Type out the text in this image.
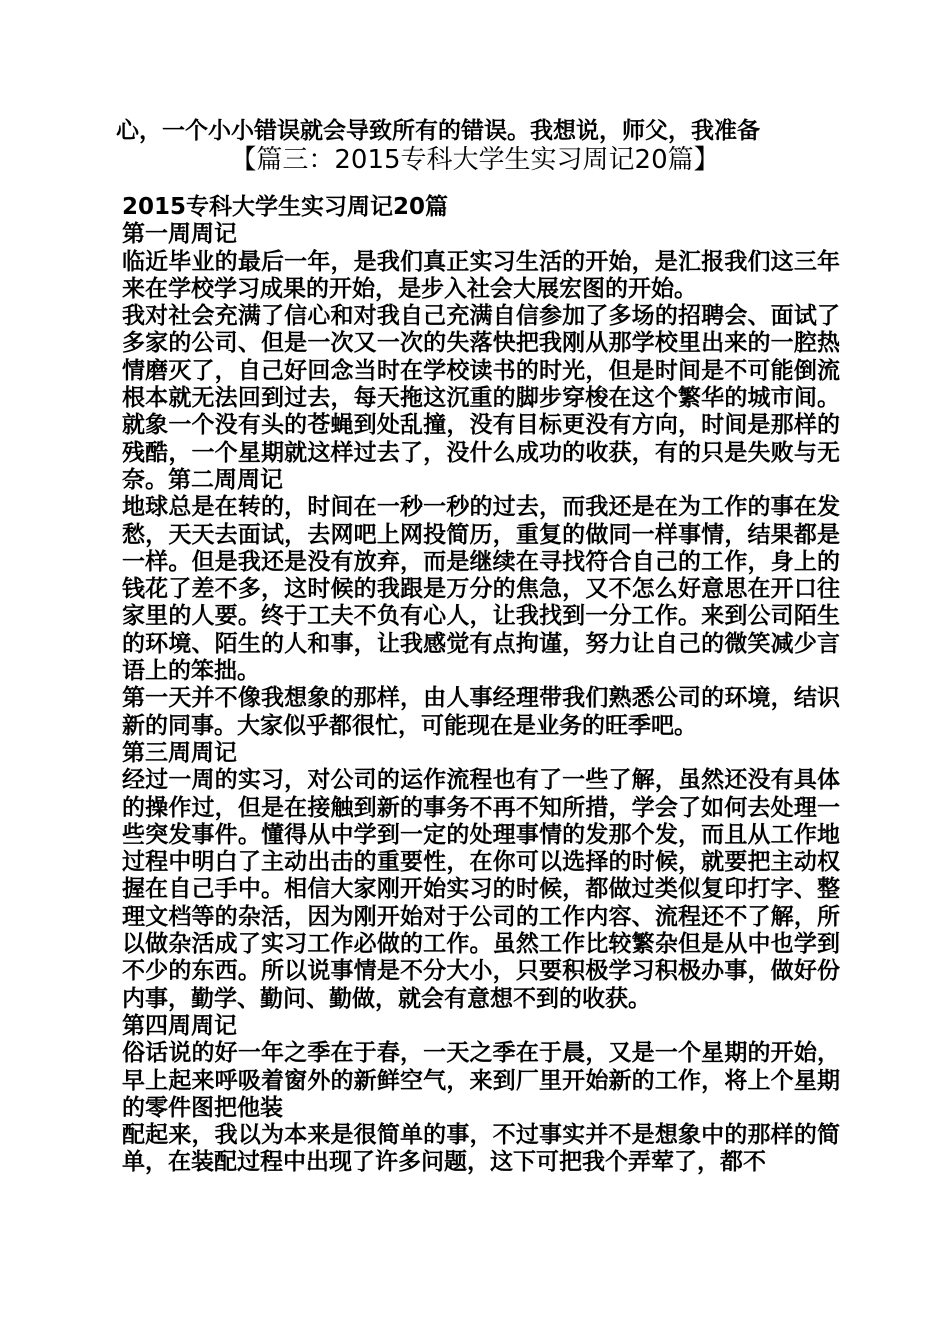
心，一个小小错误就会导致所有的错误。我想说，师父，我准备
【篇三：2015专科大学生实习周记20篇】

2015专科大学生实习周记20篇

第一周周记

临近毕业的最后一年，是我们真正实习生活的开始，是汇报我们这三年来在学校学习成果的开始，是步入社会大展宏图的开始。

我对社会充满了信心和对我自己充满自信参加了多场的招聘会、面试了多家的公司、但是一次又一次的失落快把我刚从那学校里出来的一腔热情磨灭了，自己好回念当时在学校读书的时光，但是时间是不可能倒流根本就无法回到过去，每天拖这沉重的脚步穿梭在这个繁华的城市间。就象一个没有头的苍蝇到处乱撞，没有目标更没有方向，时间是那样的残酷，一个星期就这样过去了，没什么成功的收获，有的只是失败与无奈。第二周周记

地球总是在转的，时间在一秒一秒的过去，而我还是在为工作的事在发愁，天天去面试，去网吧上网投简历，重复的做同一样事情，结果都是一样。但是我还是没有放弃，而是继续在寻找符合自己的工作，身上的钱花了差不多，这时候的我跟是万分的焦急，又不怎么好意思在开口往家里的人要。终于工夫不负有心人，让我找到一分工作。来到公司陌生的环境、陌生的人和事，让我感觉有点拘谨，努力让自己的微笑减少言语上的笨拙。

第一天并不像我想象的那样，由人事经理带我们熟悉公司的环境，结识新的同事。大家似乎都很忙，可能现在是业务的旺季吧。

第三周周记

经过一周的实习，对公司的运作流程也有了一些了解，虽然还没有具体的操作过，但是在接触到新的事务不再不知所措，学会了如何去处理一些突发事件。懂得从中学到一定的处理事情的发那个发，而且从工作地过程中明白了主动出击的重要性，在你可以选择的时候，就要把主动权握在自己手中。相信大家刚开始实习的时候，都做过类似复印打字、整理文档等的杂活，因为刚开始对于公司的工作内容、流程还不了解，所以做杂活成了实习工作必做的工作。虽然工作比较繁杂但是从中也学到不少的东西。所以说事情是不分大小，只要积极学习积极办事，做好份内事，勤学、勤问、勤做，就会有意想不到的收获。

第四周周记

俗话说的好一年之季在于春，一天之季在于晨，又是一个星期的开始，早上起来呼吸着窗外的新鲜空气，来到厂里开始新的工作，将上个星期的零件图把他装

配起来，我以为本来是很简单的事，不过事实并不是想象中的那样的简单，在装配过程中出现了许多问题，这下可把我个弄荤了，都不
